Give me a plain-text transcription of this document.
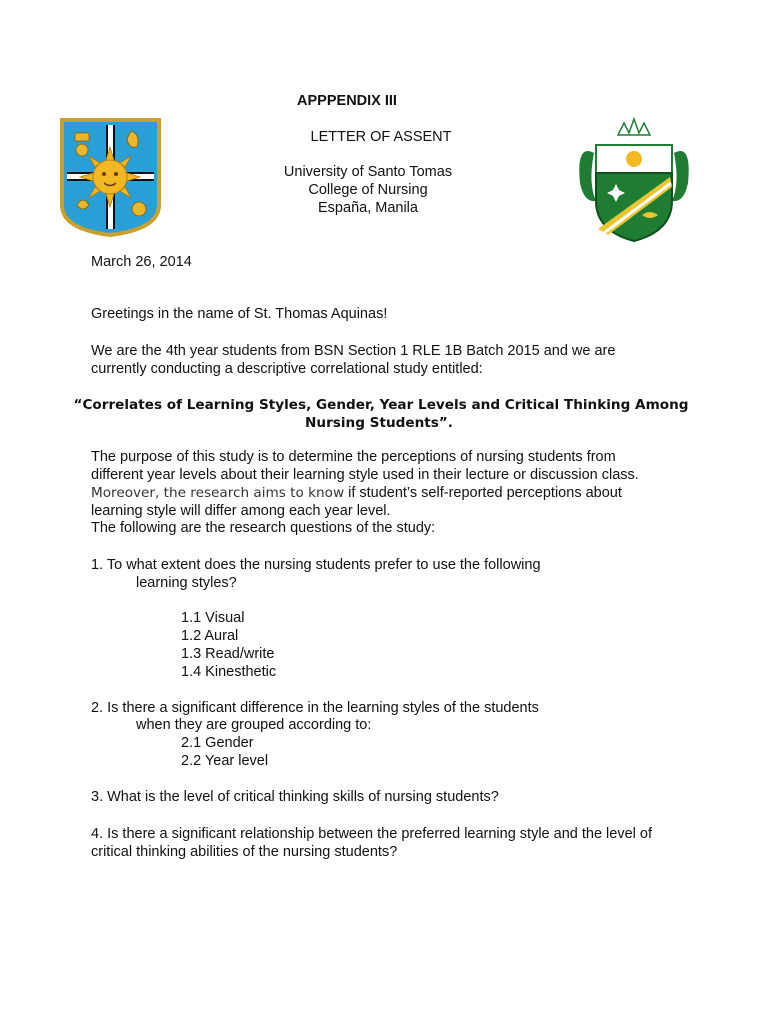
APPPENDIX III
LETTER OF ASSENT
University of Santo Tomas
College of Nursing
España, Manila
March 26, 2014
Greetings in the name of St. Thomas Aquinas!
We are the 4th year students from BSN Section 1 RLE 1B Batch 2015 and we are
currently conducting a descriptive correlational study entitled:
“Correlates of Learning Styles, Gender, Year Levels and Critical Thinking Among
Nursing Students”.
The purpose of this study is to determine the perceptions of nursing students from
different year levels about their learning style used in their lecture or discussion class.
Moreover, the research aims to know if student’s self-reported perceptions about
learning style will differ among each year level.
The following are the research questions of the study:
1. To what extent does the nursing students prefer to use the following
learning styles?
1.1 Visual
1.2 Aural
1.3 Read/write
1.4 Kinesthetic
2. Is there a significant difference in the learning styles of the students
when they are grouped according to:
2.1 Gender
2.2 Year level
3. What is the level of critical thinking skills of nursing students?
4. Is there a significant relationship between the preferred learning style and the level of
critical thinking abilities of the nursing students?
